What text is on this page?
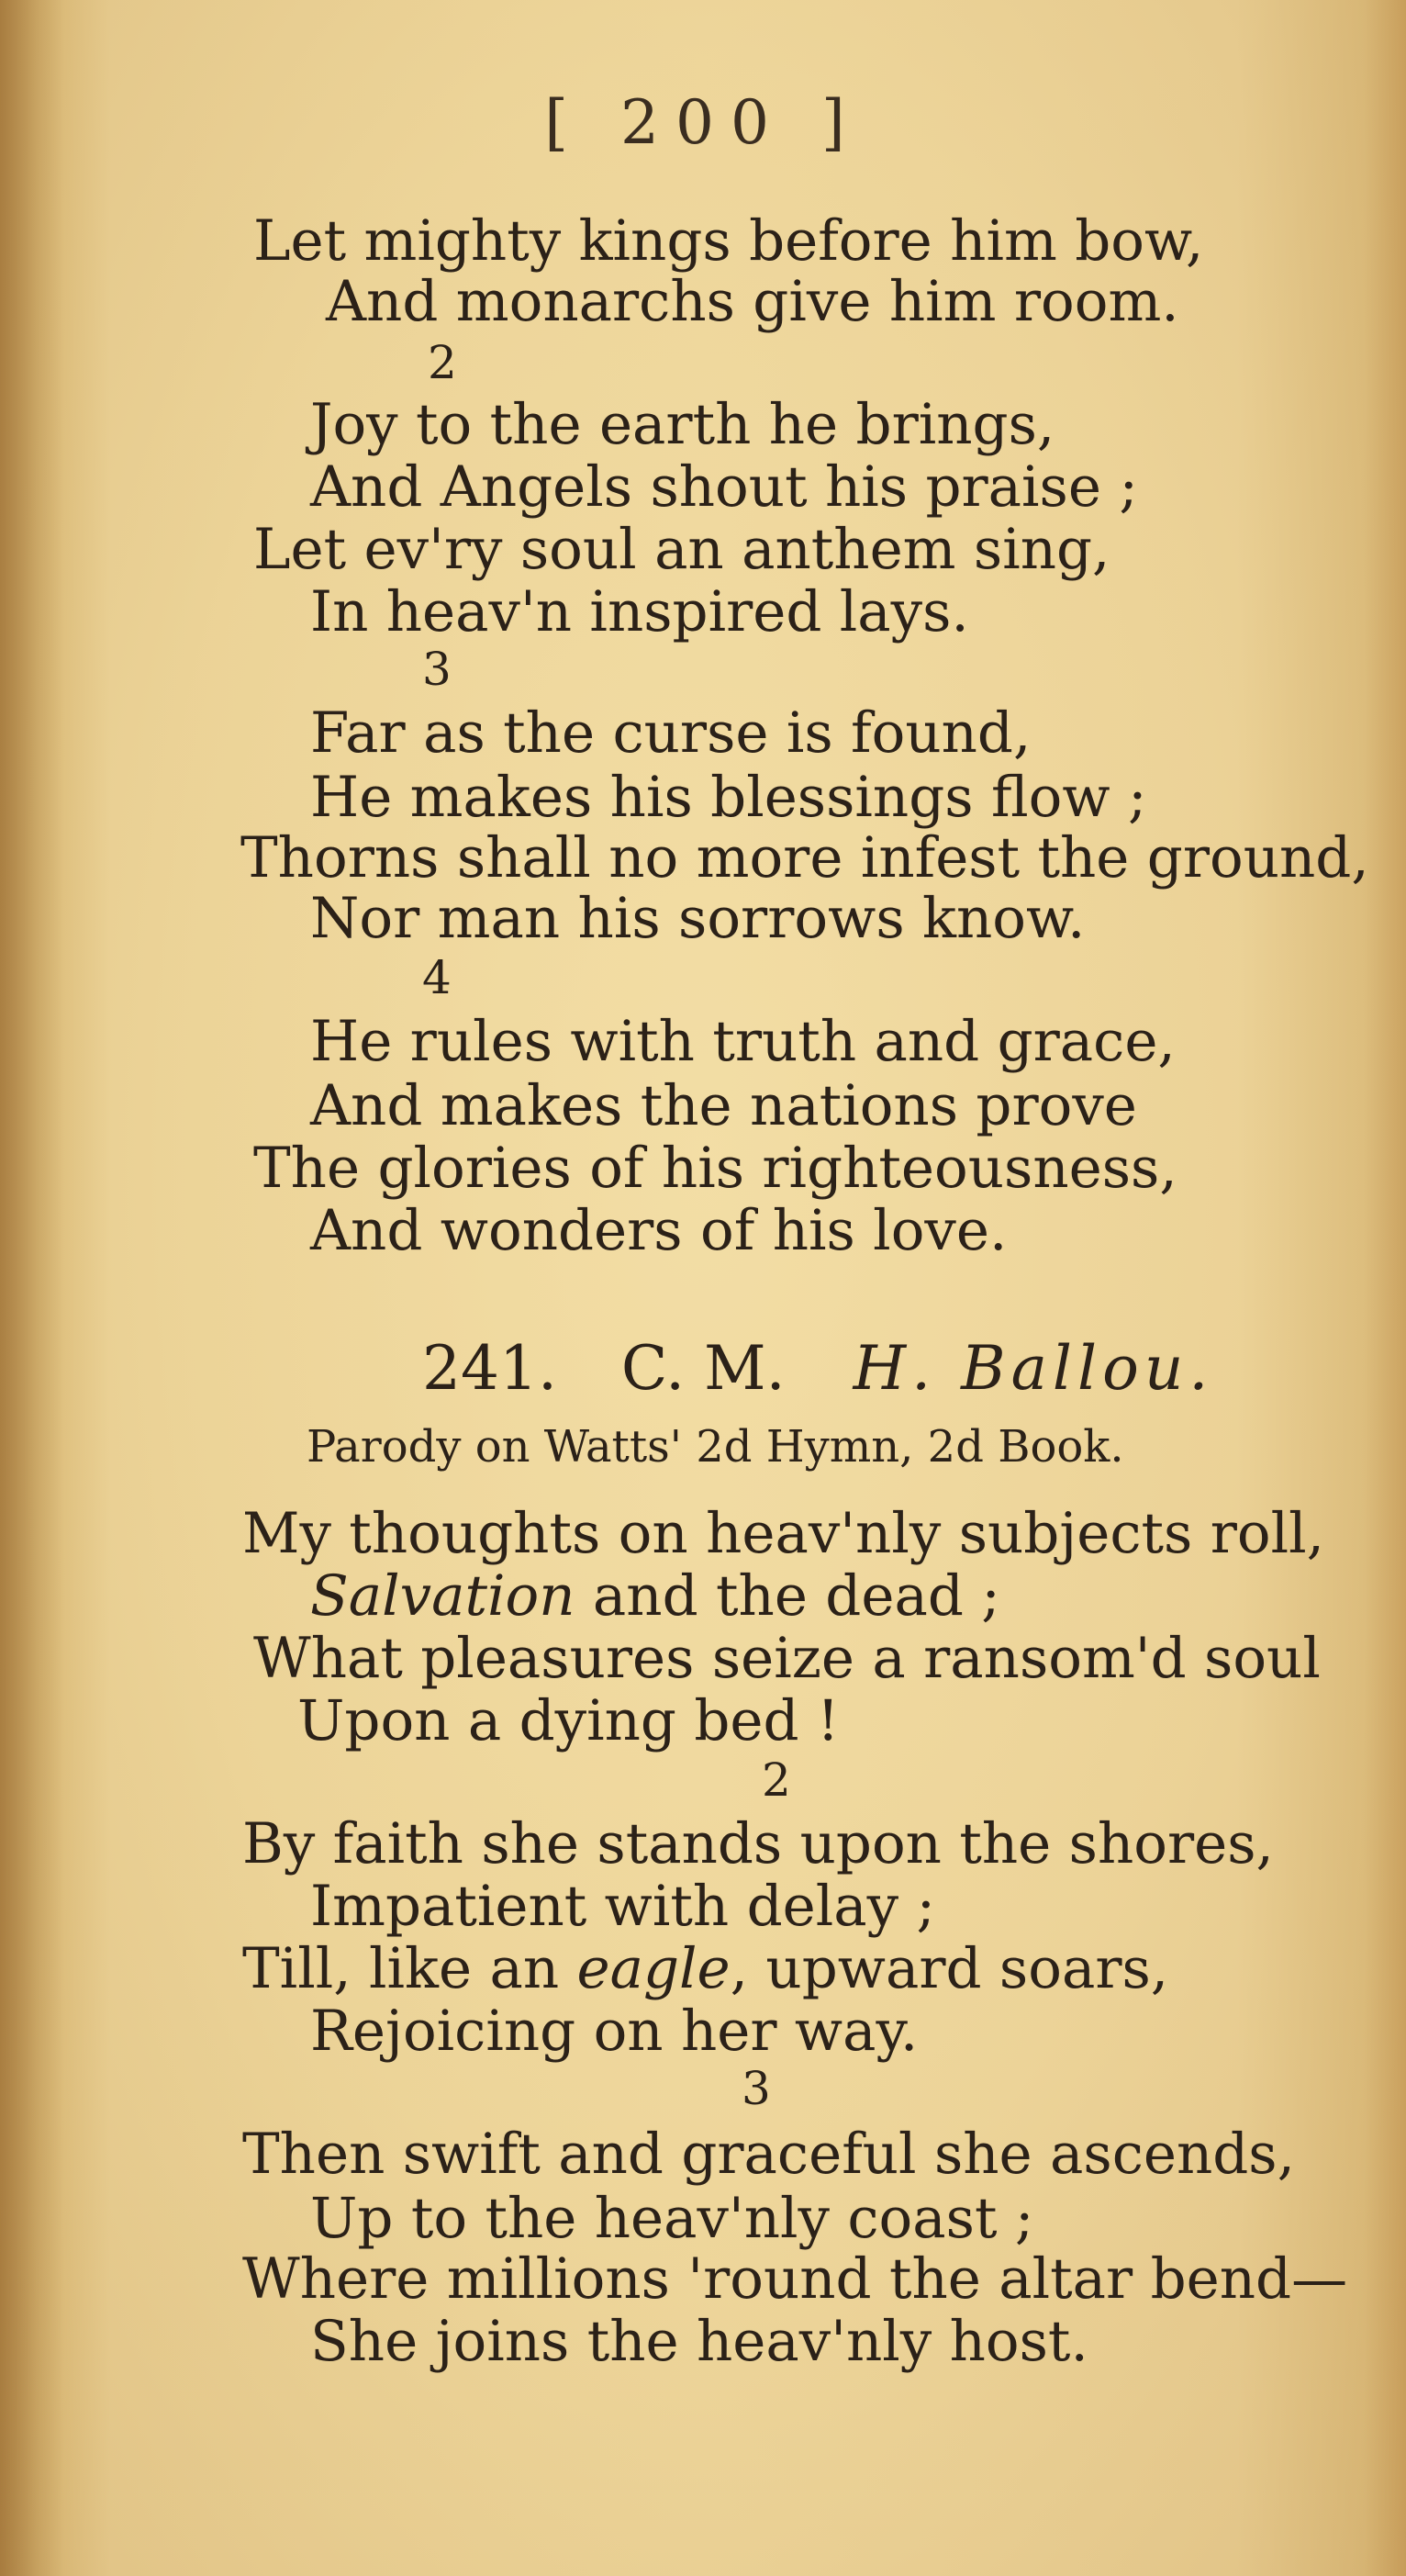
[ 200 ]
Let mighty kings before him bow,
And monarchs give him room.
2
Joy to the earth he brings,
And Angels shout his praise ;
Let ev'ry soul an anthem sing,
In heav'n inspired lays.
3
Far as the curse is found,
He makes his blessings flow ;
Thorns shall no more infest the ground,
Nor man his sorrows know.
4
He rules with truth and grace,
And makes the nations prove
The glories of his righteousness,
And wonders of his love.
241. C. M. H. Ballou.
Parody on Watts' 2d Hymn, 2d Book.
My thoughts on heav'nly subjects roll,
Salvation and the dead ;
What pleasures seize a ransom'd soul
Upon a dying bed !
2
By faith she stands upon the shores,
Impatient with delay ;
Till, like an eagle, upward soars,
Rejoicing on her way.
3
Then swift and graceful she ascends,
Up to the heav'nly coast ;
Where millions 'round the altar bend—
She joins the heav'nly host.
